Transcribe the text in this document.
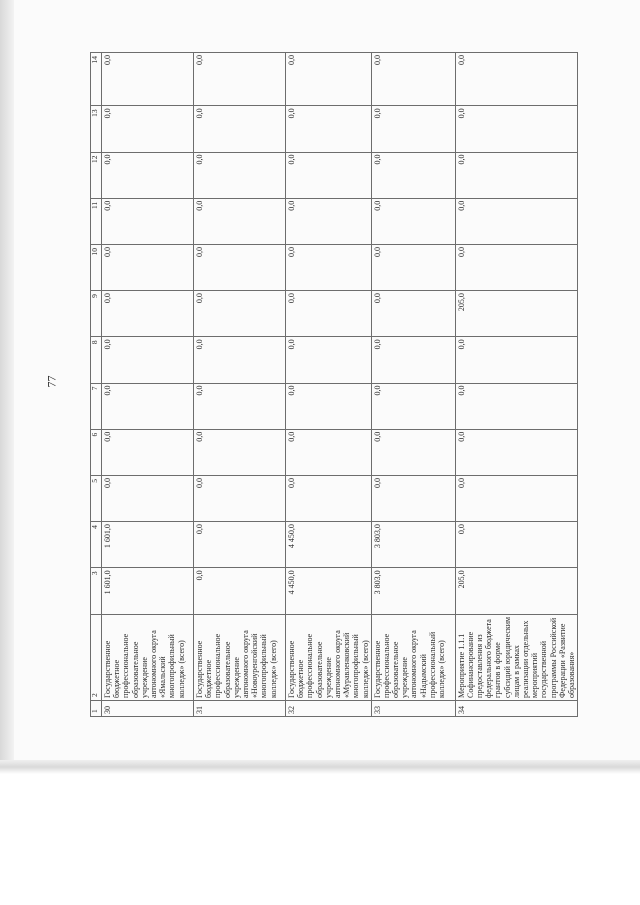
77
1	2	3	4	5	6	7	8	9	10	11	12	13	14
30	Государственное бюджетное профессиональное образовательное учреждение автономного округа «Ямальский многопрофильный колледж» (всего)	1 601,0	1 601,0	0,0	0,0	0,0	0,0	0,0	0,0	0,0	0,0	0,0	0,0
31	Государственное бюджетное профессиональное образовательное учреждение автономного округа «Новоуренгойский многопрофильный колледж» (всего)	0,0	0,0	0,0	0,0	0,0	0,0	0,0	0,0	0,0	0,0	0,0	0,0
32	Государственное бюджетное профессиональное образовательное учреждение автономного округа «Муравленковский многопрофильный колледж» (всего)	4 450,0	4 450,0	0,0	0,0	0,0	0,0	0,0	0,0	0,0	0,0	0,0	0,0
33	Государственное профессиональное образовательное учреждение автономного округа «Надымский профессиональный колледж» (всего)	3 803,0	3 803,0	0,0	0,0	0,0	0,0	0,0	0,0	0,0	0,0	0,0	0,0
34	Мероприятие 1.1.1 Софинансирование предоставления из федерального бюджета грантов в форме субсидий юридическим лицам в рамках реализации отдельных мероприятий государственной программы Российской Федерации «Развитие образования»	205,0	0,0	0,0	0,0	0,0	0,0	205,0	0,0	0,0	0,0	0,0	0,0
